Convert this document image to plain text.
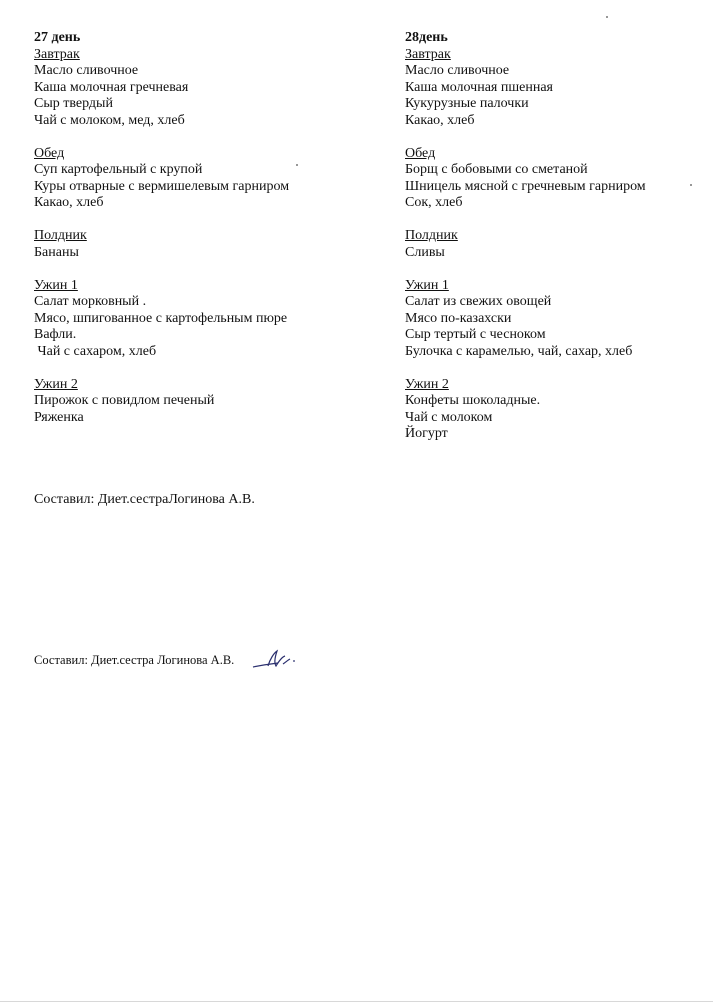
27 день

Завтрак

Масло сливочное

Каша молочная гречневая

Сыр твердый

Чай с молоком, мед, хлеб

Обед

Суп картофельный с крупой

Куры отварные с вермишелевым гарниром

Какао, хлеб

Полдник

Бананы

Ужин 1

Салат морковный .

Мясо, шпигованное с картофельным пюре

Вафли.

Чай с сахаром, хлеб

Ужин 2

Пирожок с повидлом печеный

Ряженка

28день

Завтрак

Масло сливочное

Каша молочная пшенная

Кукурузные палочки

Какао, хлеб

Обед

Борщ с бобовыми со сметаной

Шницель мясной с гречневым гарниром

Сок, хлеб

Полдник

Сливы

Ужин 1

Салат из свежих овощей

Мясо по-казахски

Сыр тертый с чесноком

Булочка с карамелью, чай, сахар, хлеб

Ужин 2

Конфеты шоколадные.

Чай с молоком

Йогурт

Составил: Диет.сестраЛогинова А.В.
Составил: Диет.сестра Логинова А.В.
